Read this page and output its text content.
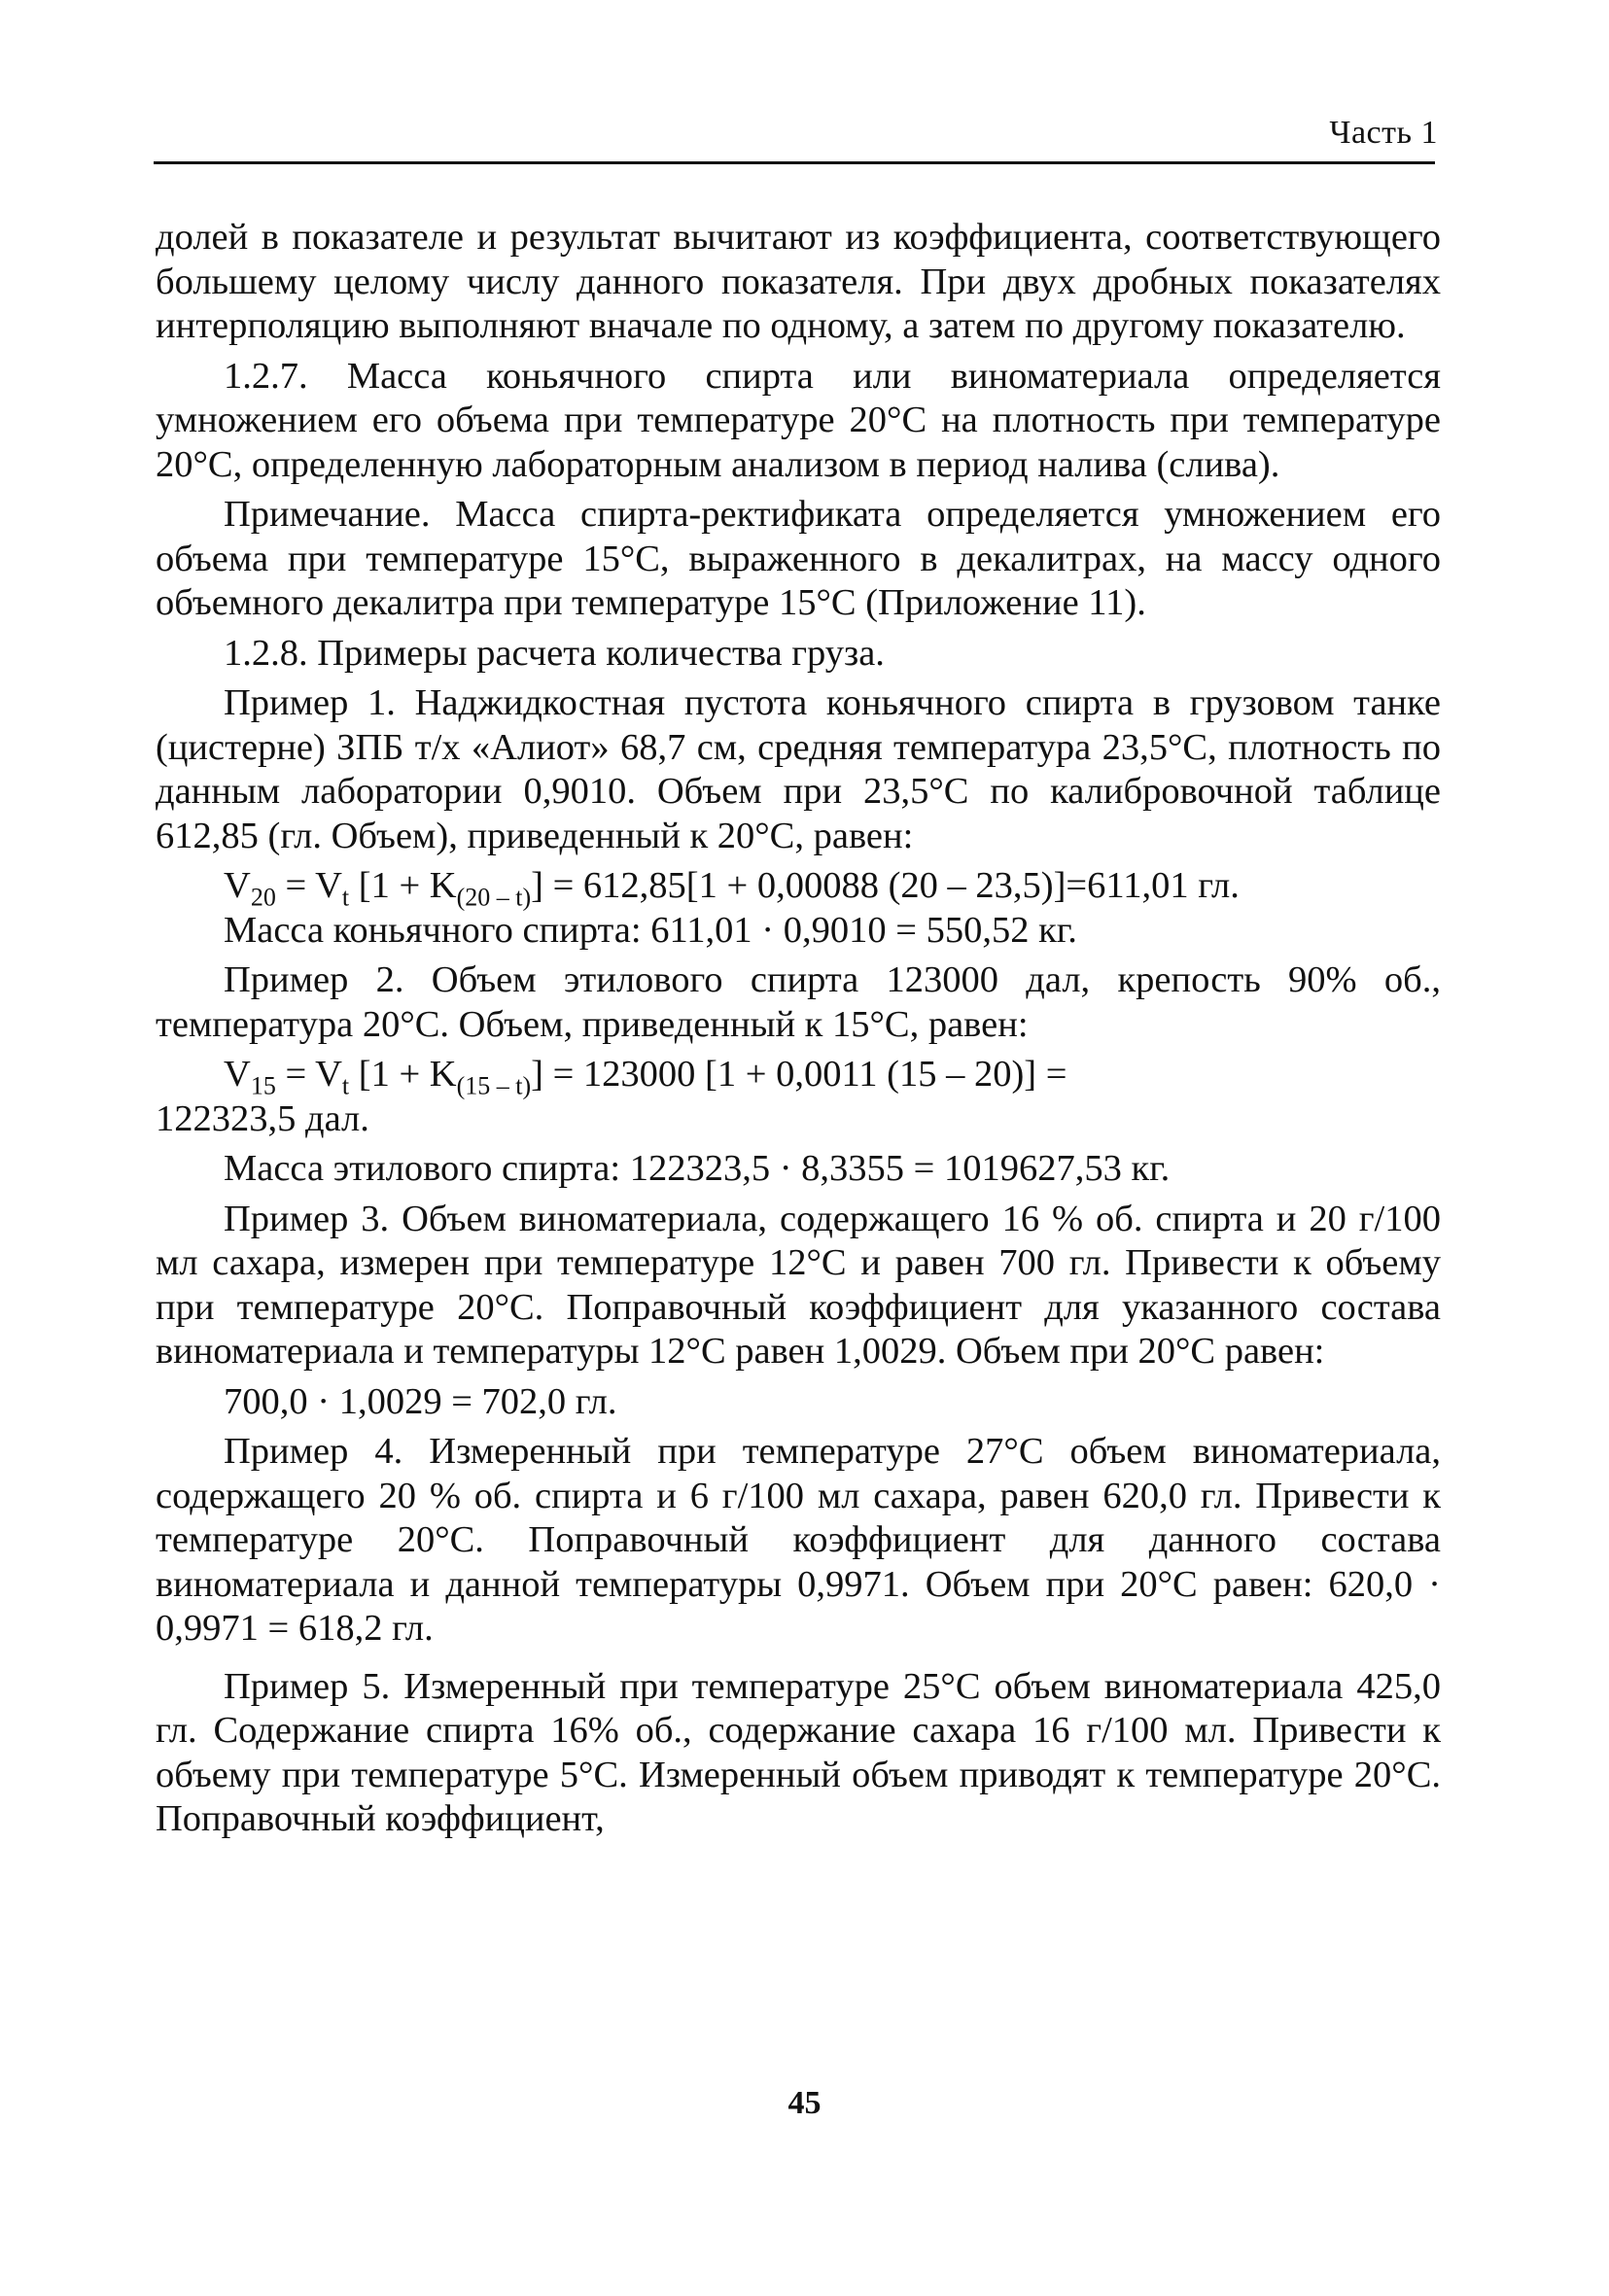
Часть 1

долей в показателе и результат вычитают из коэффициента, соответствующего большему целому числу данного показателя. При двух дробных показателях интерполяцию выполняют вначале по одному, а затем по другому показателю.

1.2.7. Масса коньячного спирта или виноматериала определяется умножением его объема при температуре 20°С на плотность при температуре 20°С, определенную лабораторным анализом в период налива (слива).

Примечание. Масса спирта-ректификата определяется умножением его объема при температуре 15°С, выраженного в декалитрах, на массу одного объемного декалитра при температуре 15°С (Приложение 11).

1.2.8. Примеры расчета количества груза.

Пример 1. Наджидкостная пустота коньячного спирта в грузовом танке (цистерне) ЗПБ т/х «Алиот» 68,7 см, средняя температура 23,5°С, плотность по данным лаборатории 0,9010. Объем при 23,5°С по калибровочной таблице 612,85 (гл. Объем), приведенный к 20°С, равен:

$V_{20} = V_t$ $[1 + K_{(20 - t)}] = 612,85[1 + 0,00088$ (20 – 23,5)]=611,01 гл.

Масса коньячного спирта: 611,01 · 0,9010 = 550,52 кг.

Пример 2. Объем этилового спирта 123000 дал, крепость 90% об., температура 20°С. Объем, приведенный к 15°С, равен:

$V_{15} = V_t$ $[1 + K_{(15 - t)}] = 123000$ [1 + 0,0011 (15 – 20)] =

122323,5 дал.

Масса этилового спирта: 122323,5 · 8,3355 = 1019627,53 кг.

Пример 3. Объем виноматериала, содержащего 16 % об. спирта и 20 г/100 мл сахара, измерен при температуре 12°С и равен 700 гл. Привести к объему при температуре 20°С. Поправочный коэффициент для указанного состава виноматериала и температуры 12°С равен 1,0029. Объем при 20°С равен:

700,0 · 1,0029 = 702,0 гл.

Пример 4. Измеренный при температуре 27°С объем виноматериала, содержащего 20 % об. спирта и 6 г/100 мл сахара, равен 620,0 гл. Привести к температуре 20°С. Поправочный коэффициент для данного состава виноматериала и данной температуры 0,9971. Объем при 20°С равен: 620,0 · 0,9971 = 618,2 гл.

Пример 5. Измеренный при температуре 25°С объем виноматериала 425,0 гл. Содержание спирта 16% об., содержание сахара 16 г/100 мл. Привести к объему при температуре 5°С. Измеренный объем приводят к температуре 20°С. Поправочный коэффициент,

45
